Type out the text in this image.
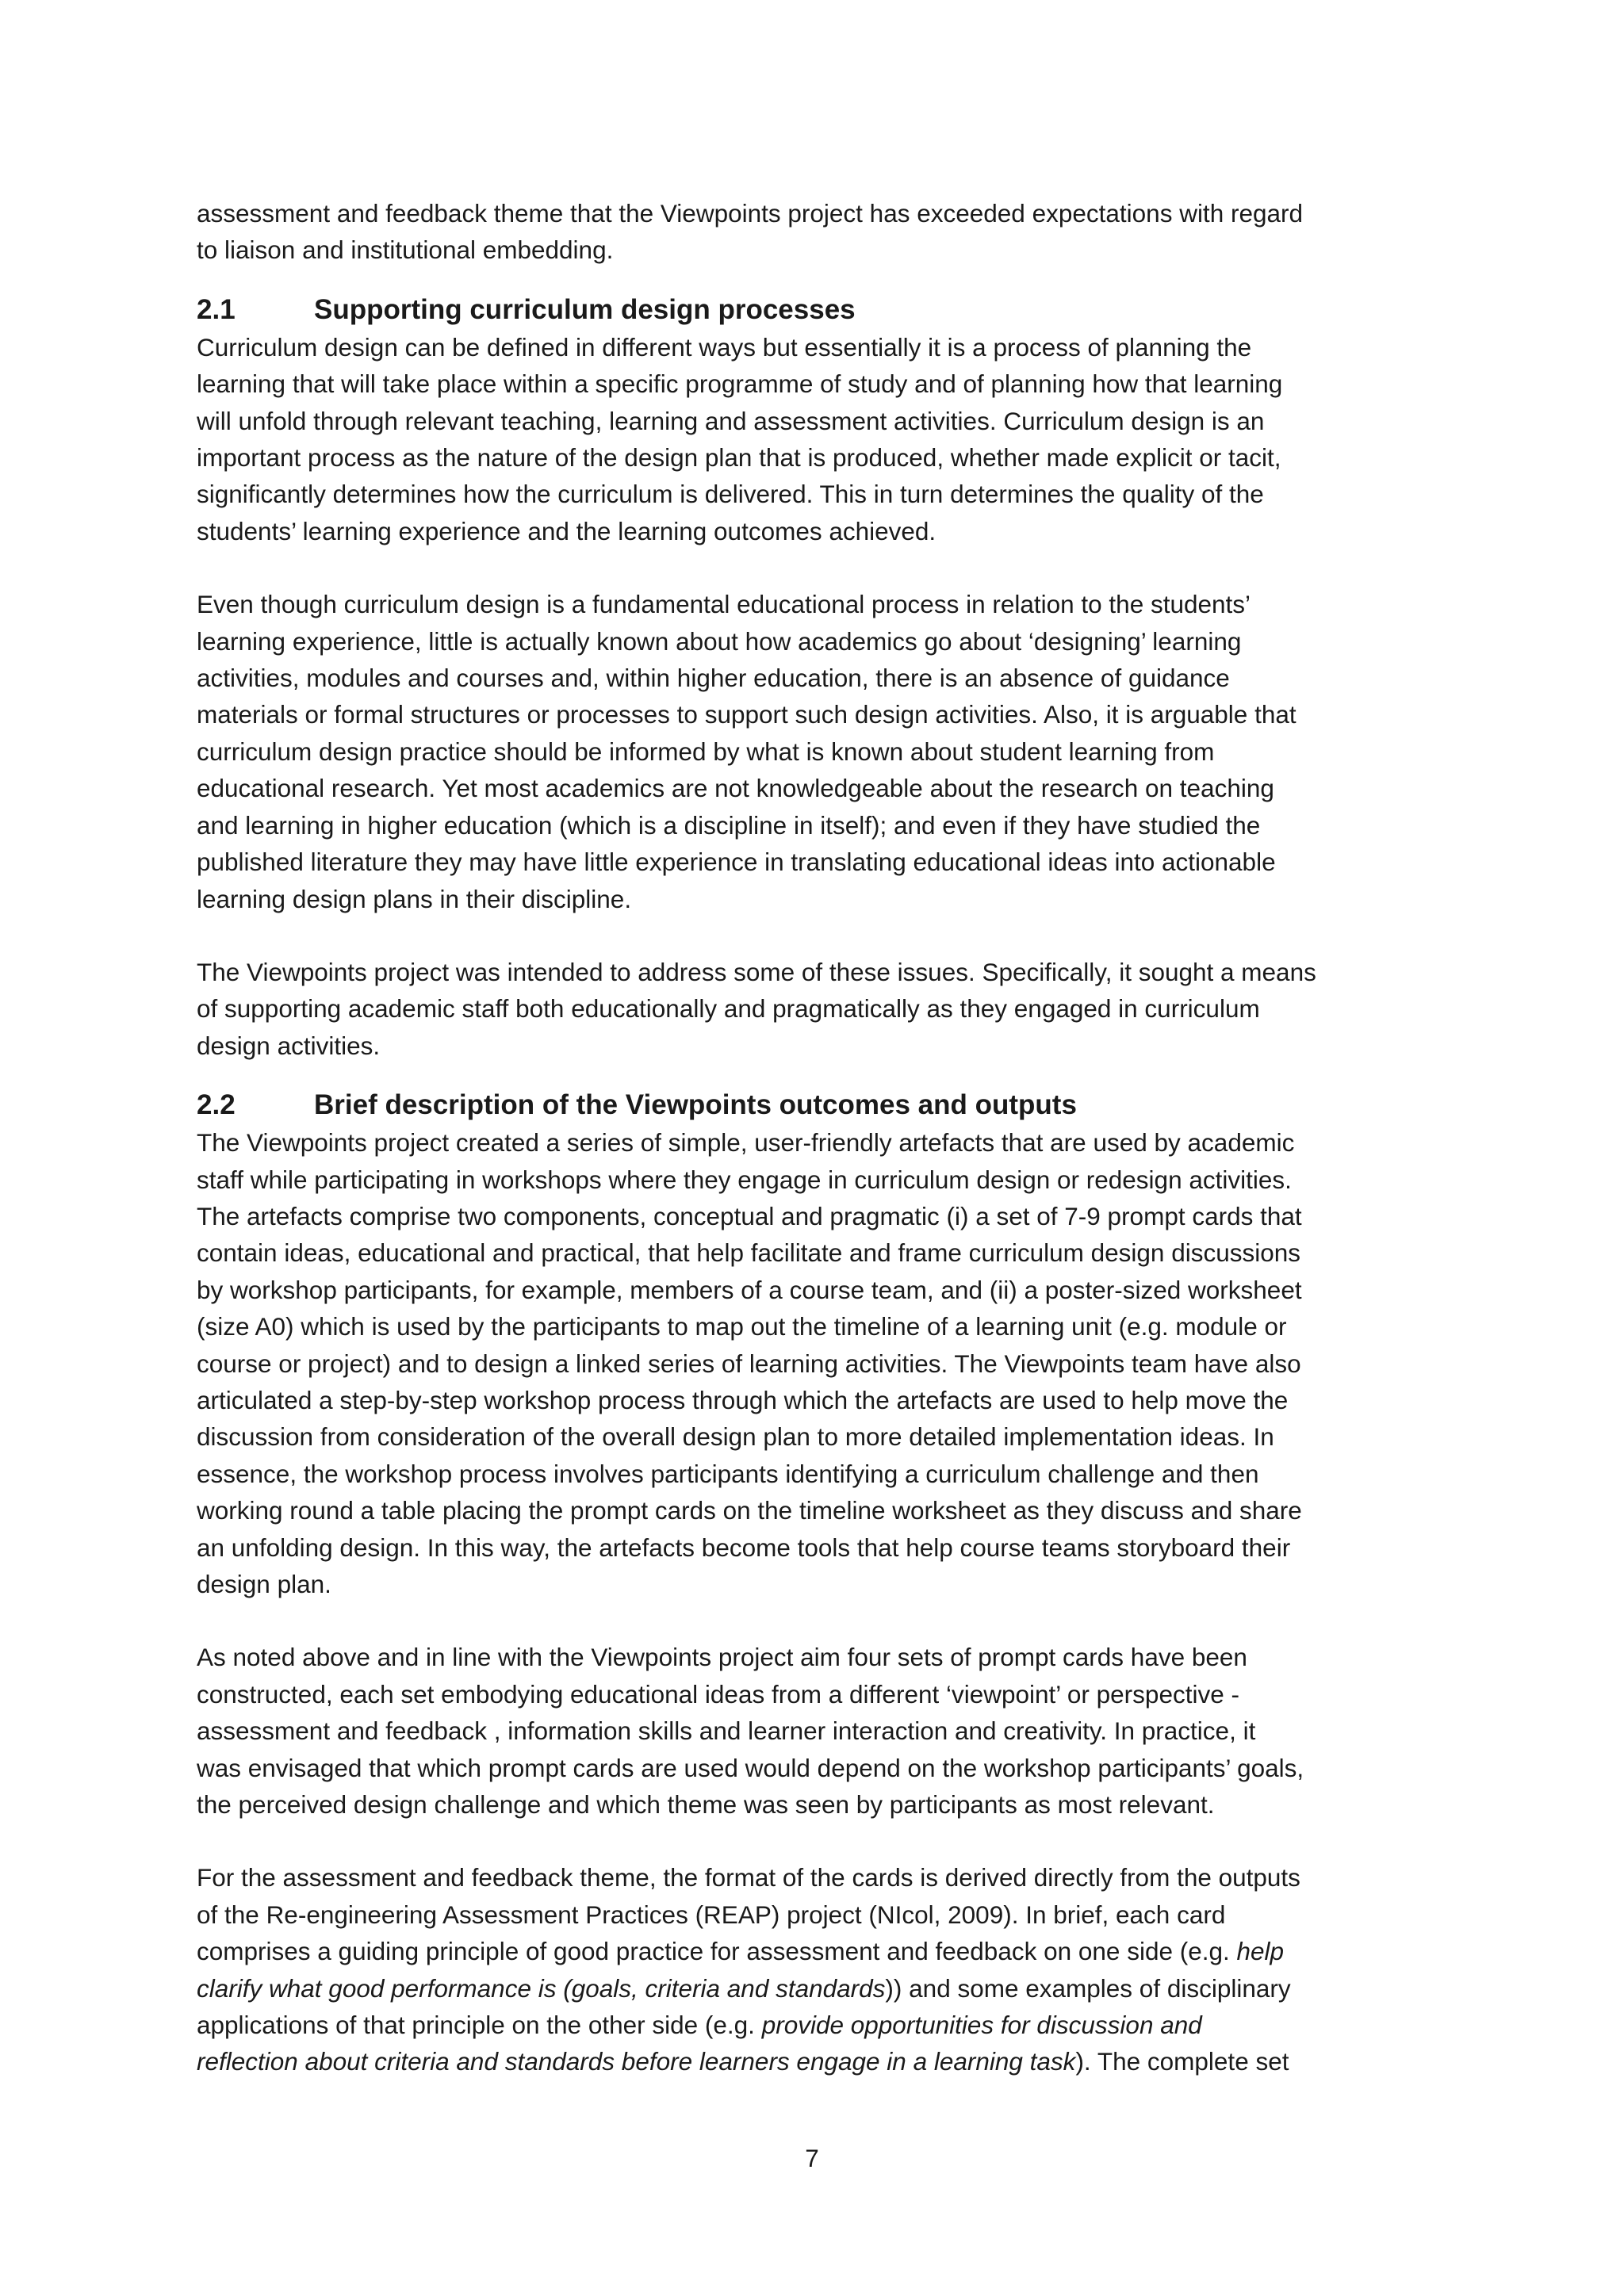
assessment and feedback theme that the Viewpoints project has exceeded expectations with regard
to liaison and institutional embedding.

2.1	Supporting curriculum design processes

Curriculum design can be defined in different ways but essentially it is a process of planning the
learning that will take place within a specific programme of study and of planning how that learning
will unfold through relevant teaching, learning and assessment activities. Curriculum design is an
important process as the nature of the design plan that is produced, whether made explicit or tacit,
significantly determines how the curriculum is delivered. This in turn determines the quality of the
students’ learning experience and the learning outcomes achieved.

Even though curriculum design is a fundamental educational process in relation to the students’
learning experience, little is actually known about how academics go about ‘designing’ learning
activities, modules and courses and, within higher education, there is an absence of guidance
materials or formal structures or processes to support such design activities. Also, it is arguable that
curriculum design practice should be informed by what is known about student learning from
educational research. Yet most academics are not knowledgeable about the research on teaching
and learning in higher education (which is a discipline in itself); and even if they have studied the
published literature they may have little experience in translating educational ideas into actionable
learning design plans in their discipline.

The Viewpoints project was intended to address some of these issues. Specifically, it sought a means
of supporting academic staff both educationally and pragmatically as they engaged in curriculum
design activities.

2.2	Brief description of the Viewpoints outcomes and outputs

The Viewpoints project created a series of simple, user-friendly artefacts that are used by academic
staff while participating in workshops where they engage in curriculum design or redesign activities.
The artefacts comprise two components, conceptual and pragmatic (i) a set of 7-9 prompt cards that
contain ideas, educational and practical, that help facilitate and frame curriculum design discussions
by workshop participants, for example, members of a course team, and (ii) a poster-sized worksheet
(size A0) which is used by the participants to map out the timeline of a learning unit (e.g. module or
course or project) and to design a linked series of learning activities. The Viewpoints team have also
articulated a step-by-step workshop process through which the artefacts are used to help move the
discussion from consideration of the overall design plan to more detailed implementation ideas. In
essence, the workshop process involves participants identifying a curriculum challenge and then
working round a table placing the prompt cards on the timeline worksheet as they discuss and share
an unfolding design. In this way, the artefacts become tools that help course teams storyboard their
design plan.

As noted above and in line with the Viewpoints project aim four sets of prompt cards have been
constructed, each set embodying educational ideas from a different ‘viewpoint’ or perspective -
assessment and feedback , information skills and learner interaction and creativity. In practice, it
was envisaged that which prompt cards are used would depend on the workshop participants’ goals,
the perceived design challenge and which theme was seen by participants as most relevant.

For the assessment and feedback theme, the format of the cards is derived directly from the outputs
of the Re-engineering Assessment Practices (REAP) project (NIcol, 2009). In brief, each card
comprises a guiding principle of good practice for assessment and feedback on one side (e.g. help
clarify what good performance is (goals, criteria and standards)) and some examples of disciplinary
applications of that principle on the other side (e.g. provide opportunities for discussion and
reflection about criteria and standards before learners engage in a learning task). The complete set

7
